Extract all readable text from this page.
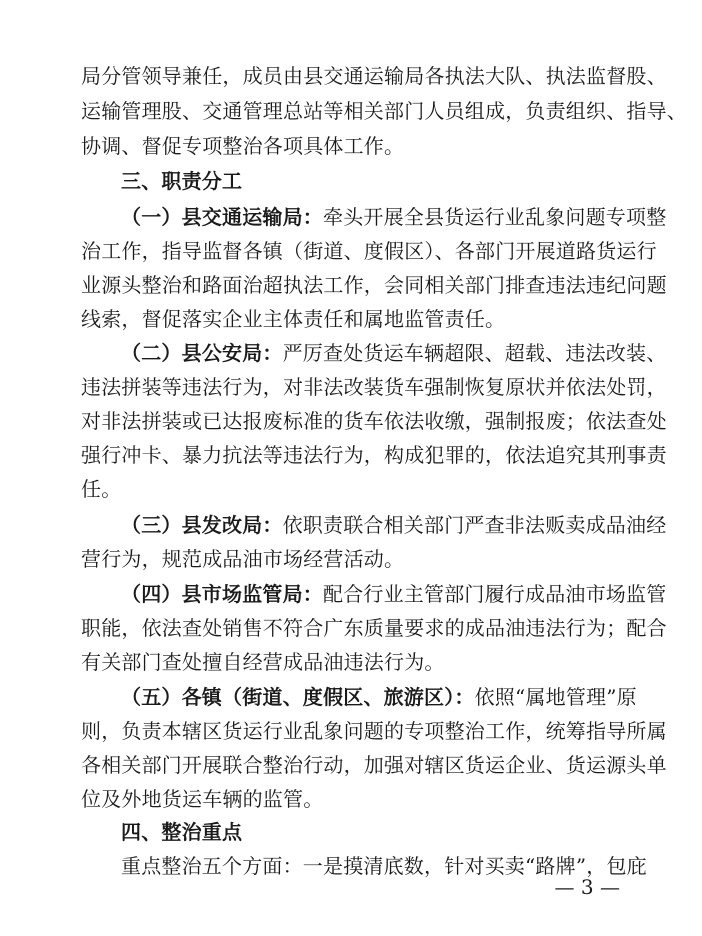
局分管领导兼任，成员由县交通运输局各执法大队、执法监督股、
运输管理股、交通管理总站等相关部门人员组成，负责组织、指导、
协调、督促专项整治各项具体工作。
三、职责分工
（一）县交通运输局：牵头开展全县货运行业乱象问题专项整
治工作，指导监督各镇（街道、度假区）、各部门开展道路货运行
业源头整治和路面治超执法工作，会同相关部门排查违法违纪问题
线索，督促落实企业主体责任和属地监管责任。
（二）县公安局：严厉查处货运车辆超限、超载、违法改装、
违法拼装等违法行为，对非法改装货车强制恢复原状并依法处罚，
对非法拼装或已达报废标准的货车依法收缴，强制报废；依法查处
强行冲卡、暴力抗法等违法行为，构成犯罪的，依法追究其刑事责
任。
（三）县发改局：依职责联合相关部门严查非法贩卖成品油经
营行为，规范成品油市场经营活动。
（四）县市场监管局：配合行业主管部门履行成品油市场监管
职能，依法查处销售不符合广东质量要求的成品油违法行为；配合
有关部门查处擅自经营成品油违法行为。
（五）各镇（街道、度假区、旅游区）：依照“属地管理”原
则，负责本辖区货运行业乱象问题的专项整治工作，统筹指导所属
各相关部门开展联合整治行动，加强对辖区货运企业、货运源头单
位及外地货运车辆的监管。
四、整治重点
重点整治五个方面：一是摸清底数，针对买卖“路牌”，包庇
— 3 —
